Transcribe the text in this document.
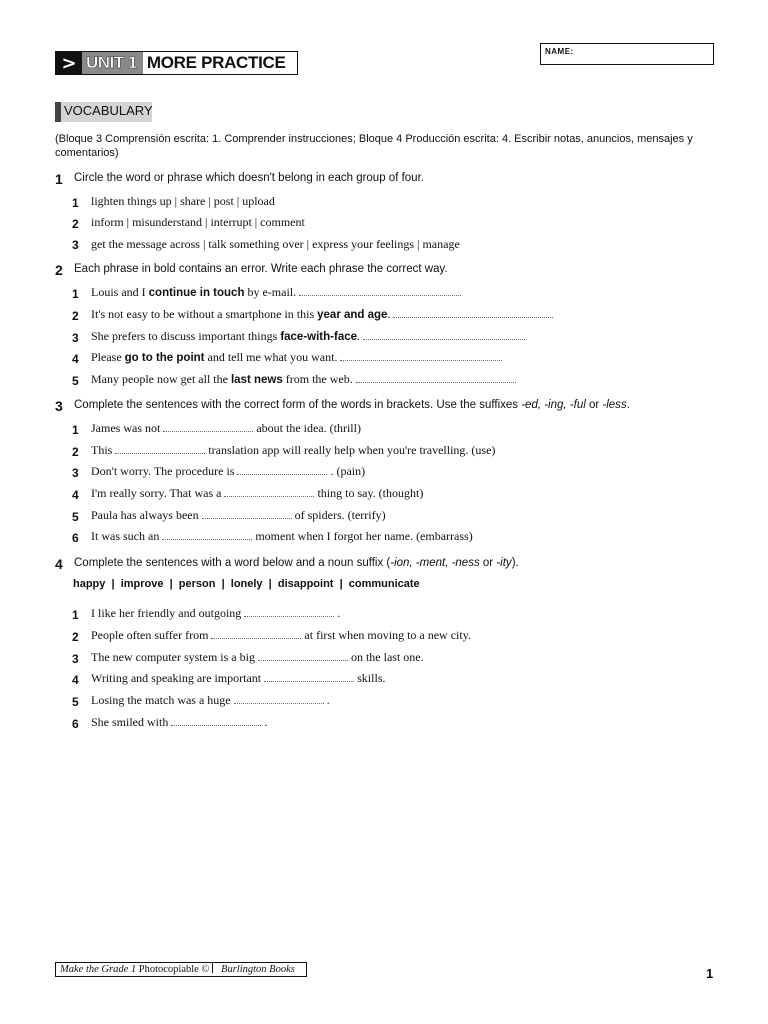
> UNIT 1 MORE PRACTICE
NAME:
VOCABULARY
(Bloque 3 Comprensión escrita: 1. Comprender instrucciones; Bloque 4 Producción escrita: 4. Escribir notas, anuncios, mensajes y comentarios)
1 Circle the word or phrase which doesn't belong in each group of four.
1 lighten things up | share | post | upload
2 inform | misunderstand | interrupt | comment
3 get the message across | talk something over | express your feelings | manage
2 Each phrase in bold contains an error. Write each phrase the correct way.
1 Louis and I continue in touch by e-mail.
2 It's not easy to be without a smartphone in this year and age.
3 She prefers to discuss important things face-with-face.
4 Please go to the point and tell me what you want.
5 Many people now get all the last news from the web.
3 Complete the sentences with the correct form of the words in brackets. Use the suffixes -ed, -ing, -ful or -less.
1 James was not	about the idea. (thrill)
2 This	translation app will really help when you're travelling. (use)
3 Don't worry. The procedure is	. (pain)
4 I'm really sorry. That was a	thing to say. (thought)
5 Paula has always been	of spiders. (terrify)
6 It was such an	moment when I forgot her name. (embarrass)
4 Complete the sentences with a word below and a noun suffix (-ion, -ment, -ness or -ity).
happy  |  improve  |  person  |  lonely  |  disappoint  |  communicate
1 I like her friendly and outgoing	.
2 People often suffer from	at first when moving to a new city.
3 The new computer system is a big	on the last one.
4 Writing and speaking are important	skills.
5 Losing the match was a huge	.
6 She smiled with	.
Make the Grade 1 Photocopiable © Burlington Books	1
